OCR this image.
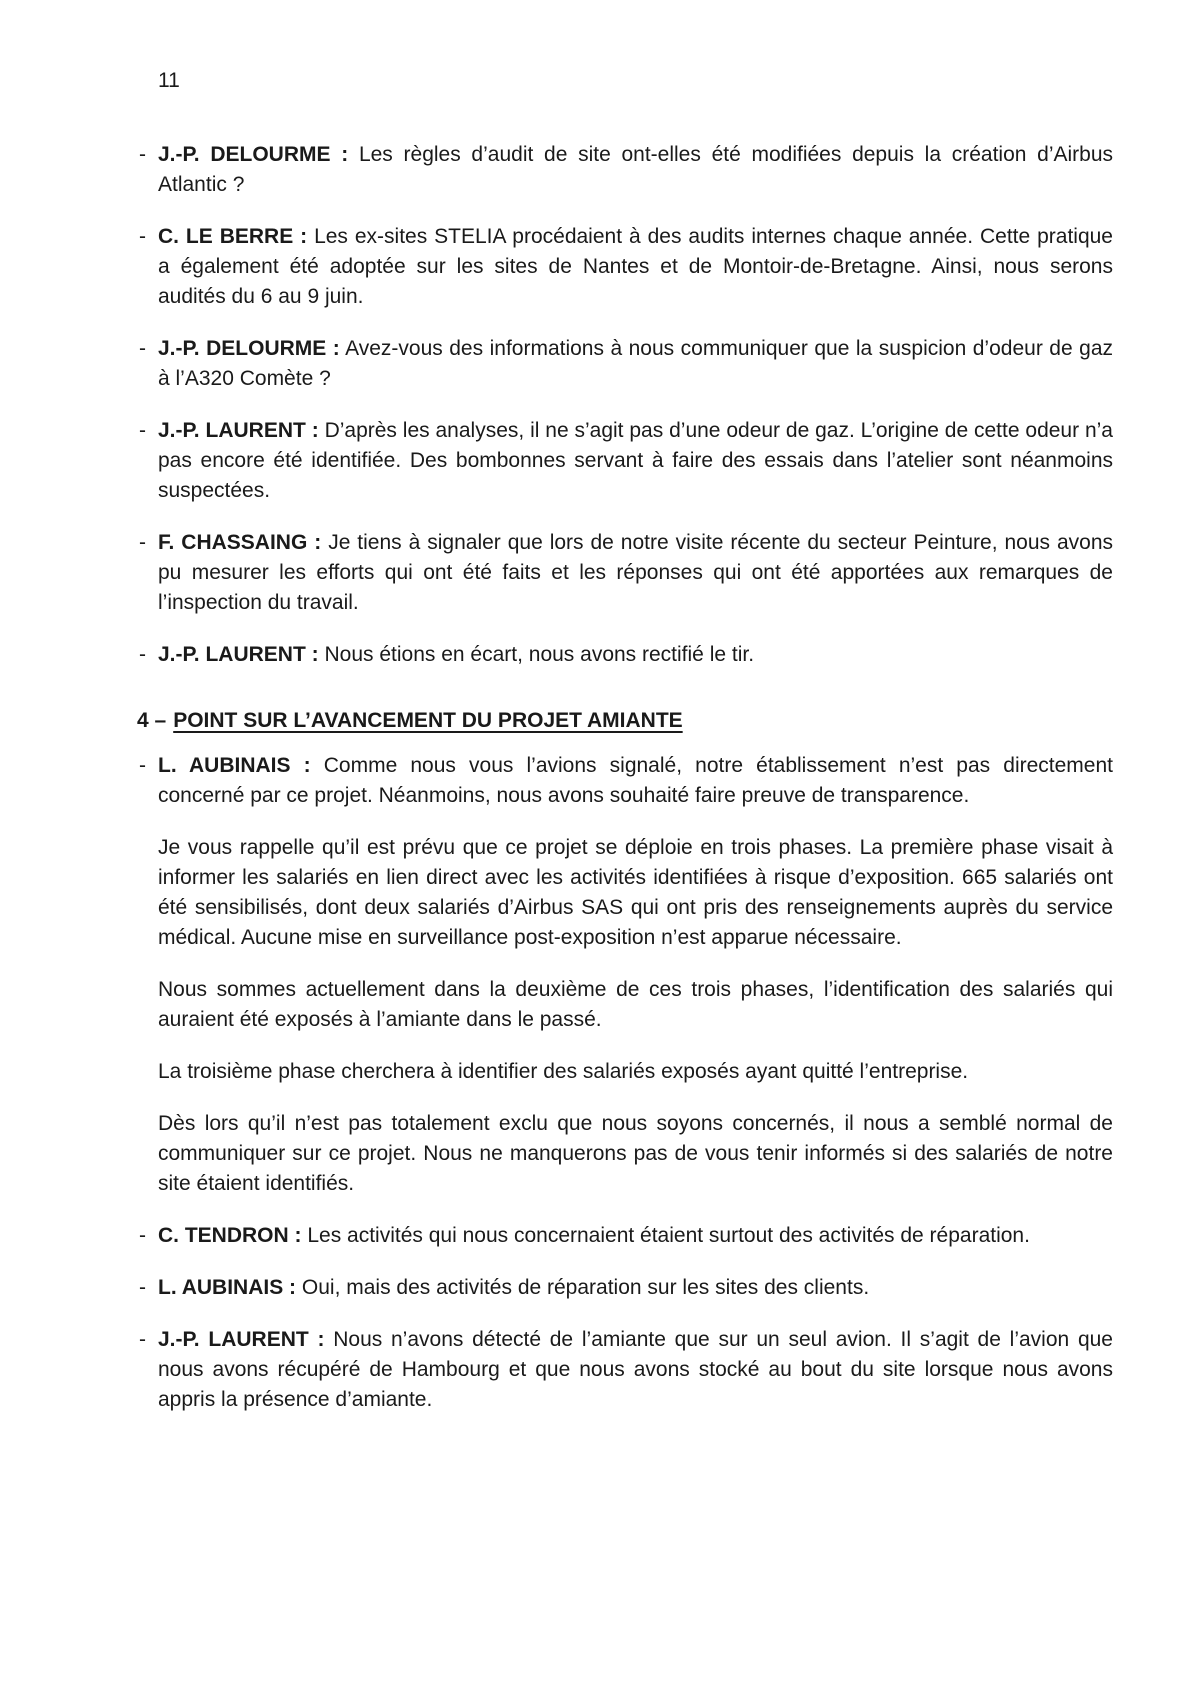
11
- J.-P. DELOURME : Les règles d’audit de site ont-elles été modifiées depuis la création d’Airbus Atlantic ?

- C. LE BERRE : Les ex-sites STELIA procédaient à des audits internes chaque année. Cette pratique a également été adoptée sur les sites de Nantes et de Montoir-de-Bretagne. Ainsi, nous serons audités du 6 au 9 juin.

- J.-P. DELOURME : Avez-vous des informations à nous communiquer que la suspicion d’odeur de gaz à l’A320 Comète ?

- J.-P. LAURENT : D’après les analyses, il ne s’agit pas d’une odeur de gaz. L’origine de cette odeur n’a pas encore été identifiée. Des bombonnes servant à faire des essais dans l’atelier sont néanmoins suspectées.

- F. CHASSAING : Je tiens à signaler que lors de notre visite récente du secteur Peinture, nous avons pu mesurer les efforts qui ont été faits et les réponses qui ont été apportées aux remarques de l’inspection du travail.

- J.-P. LAURENT : Nous étions en écart, nous avons rectifié le tir.

4 – POINT SUR L’AVANCEMENT DU PROJET AMIANTE
- L. AUBINAIS : Comme nous vous l’avions signalé, notre établissement n’est pas directement concerné par ce projet. Néanmoins, nous avons souhaité faire preuve de transparence.

Je vous rappelle qu’il est prévu que ce projet se déploie en trois phases. La première phase visait à informer les salariés en lien direct avec les activités identifiées à risque d’exposition. 665 salariés ont été sensibilisés, dont deux salariés d’Airbus SAS qui ont pris des renseignements auprès du service médical. Aucune mise en surveillance post-exposition n’est apparue nécessaire.

Nous sommes actuellement dans la deuxième de ces trois phases, l’identification des salariés qui auraient été exposés à l’amiante dans le passé.

La troisième phase cherchera à identifier des salariés exposés ayant quitté l’entreprise.

Dès lors qu’il n’est pas totalement exclu que nous soyons concernés, il nous a semblé normal de communiquer sur ce projet. Nous ne manquerons pas de vous tenir informés si des salariés de notre site étaient identifiés.

- C. TENDRON : Les activités qui nous concernaient étaient surtout des activités de réparation.

- L. AUBINAIS : Oui, mais des activités de réparation sur les sites des clients.

- J.-P. LAURENT : Nous n’avons détecté de l’amiante que sur un seul avion. Il s’agit de l’avion que nous avons récupéré de Hambourg et que nous avons stocké au bout du site lorsque nous avons appris la présence d’amiante.
